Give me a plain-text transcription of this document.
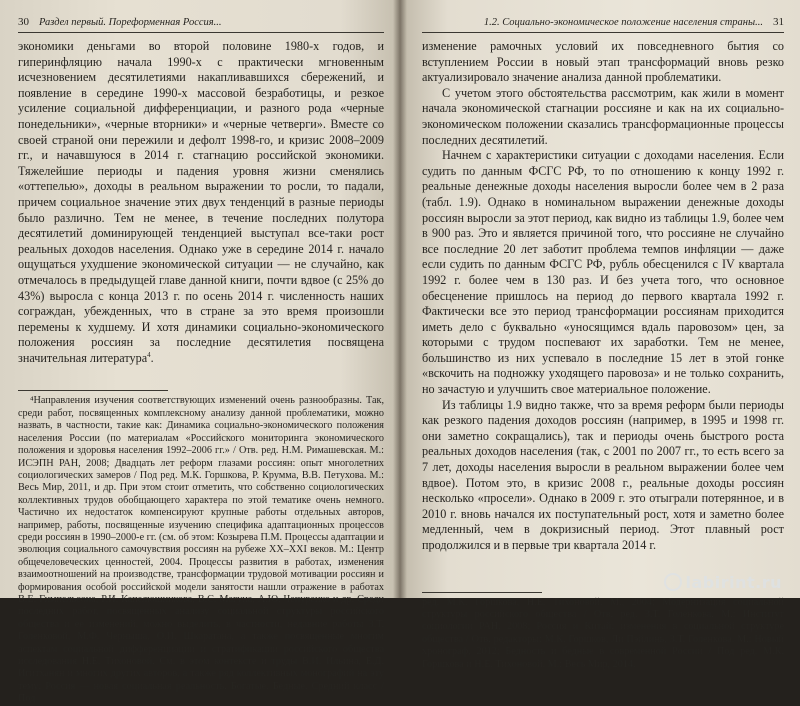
30 Раздел первый. Пореформенная Россия...

экономики деньгами во второй половине 1980-х годов, и гиперинфляцию начала 1990-х с практически мгновенным исчезновением десятилетиями накапливавшихся сбережений, и появление в середине 1990-х массовой безработицы, и резкое усиление социальной дифференциации, и разного рода «черные понедельники», «черные вторники» и «черные четверги». Вместе со своей страной они пережили и дефолт 1998-го, и кризис 2008–2009 гг., и начавшуюся в 2014 г. стагнацию российской экономики. Тяжелейшие периоды и падения уровня жизни сменялись «оттепелью», доходы в реальном выражении то росли, то падали, причем социальное значение этих двух тенденций в разные периоды было различно. Тем не менее, в течение последних полутора десятилетий доминирующей тенденцией выступал все-таки рост реальных доходов населения. Однако уже в середине 2014 г. начало ощущаться ухудшение экономической ситуации — не случайно, как отмечалось в предыдущей главе данной книги, почти вдвое (с 25% до 43%) выросла с конца 2013 г. по осень 2014 г. численность наших сограждан, убежденных, что в стране за это время произошли перемены к худшему. И хотя динамики социально-экономического положения россиян за последние десятилетия посвящена значительная литература$^4$.

⁴Направления изучения соответствующих изменений очень разнообразны. Так, среди работ, посвященных комплексному анализу данной проблематики, можно назвать, в частности, такие как: Динамика социально-экономического положения населения России (по материалам «Российского мониторинга экономического положения и здоровья населения 1992–2006 гг.» / Отв. ред. Н.М. Римашевская. М.: ИСЭПН РАН, 2008; Двадцать лет реформ глазами россиян: опыт многолетних социологических замеров / Под ред. М.К. Горшкова, Р. Крумма, В.В. Петухова. М.: Весь Мир, 2011, и др. При этом стоит отметить, что собственно социологических коллективных трудов обобщающего характера по этой тематике очень немного. Частично их недостаток компенсируют крупные работы отдельных авторов, например, работы, посвященные изучению специфика адаптационных процессов среди россиян в 1990–2000-е гг. (см. об этом: Козырева П.М. Процессы адаптации и эволюция социального самочувствия россиян на рубеже XX–XXI веков. М.: Центр общечеловеческих ценностей, 2004. Процессы развития в работах, изменения взаимоотношений на производстве, трансформации трудовой мотивации россиян и формирования особой российской модели занятости нашли отражение в работах В.Е. Гимпельсона, Р.И. Капелюшникова, В.С. Магуна, А.Ю. Чепуренко и др. Среди последних работ, посвященных анализу социальной структуры российского общества и ее изменений, можно выделить, в частности, недавние работы З.Т. Голенковой, М.Ф. Черныша, О.И. Шкаратана, а также посвященные многим аспектам социальной дифференциации и стратификации российского общества исследования Н.Е. Тихоновой. См. в этом контексте и труды В.И. Ильина, Е.Д. Игитханян и многих других авторов, а также ряд коллективных монографий на эту тему: Россия — новая социальная реальность. Богатые. Бедные. Средний класс / Под

1.2. Социально-экономическое положение населения страны... 31

изменение рамочных условий их повседневного бытия со вступлением России в новый этап трансформаций вновь резко актуализировало значение анализа данной проблематики.

С учетом этого обстоятельства рассмотрим, как жили в момент начала экономической стагнации россияне и как на их социально-экономическом положении сказались трансформационные процессы последних десятилетий.

Начнем с характеристики ситуации с доходами населения. Если судить по данным ФСГС РФ, то по отношению к концу 1992 г. реальные денежные доходы населения выросли более чем в 2 раза (табл. 1.9). Однако в номинальном выражении денежные доходы россиян выросли за этот период, как видно из таблицы 1.9, более чем в 900 раз. Это и является причиной того, что россияне не случайно все последние 20 лет заботит проблема темпов инфляции — даже если судить по данным ФСГС РФ, рубль обесценился с IV квартала 1992 г. более чем в 130 раз. И без учета того, что основное обесценение пришлось на период до первого квартала 1992 г. Фактически все это период трансформации россиянам приходится иметь дело с буквально «уносящимся вдаль паровозом» цен, за которыми с трудом поспевают их заработки. Тем не менее, большинство из них успевало в последние 15 лет в этой гонке «вскочить на подножку уходящего паровоза» и не только сохранить, но зачастую и улучшить свое материальное положение.

Из таблицы 1.9 видно также, что за время реформ были периоды как резкого падения доходов россиян (например, в 1995 и 1998 гг. они заметно сокращались), так и периоды очень быстрого роста реальных доходов населения (так, с 2001 по 2007 гг., то есть всего за 7 лет, доходы населения выросли в реальном выражении более чем вдвое). Потом это, в кризис 2008 г., реальные доходы россиян несколько «просели». Однако в 2009 г. это отыграли потерянное, и в 2010 г. вновь начался их поступательный рост, хотя и заметно более медленный, чем в докризисный период. Этот плавный рост продолжился и в первые три квартала 2014 г.

ред. М.К. Горшкова, Н.Е. Тихоновой. М., 2004; Модернизация социальной структуры российского общества / Отв. ред. З.Т. Голенкова. М.: Институт социологии РАН, 2008; Россия и Китай: изменения в социальной структуре общества / Отв. редакторы: М.К. Горшков, Ли Пэйлинь, З.Т. Голенкова. М.: Новый хронограф, 2012; Бедность и бедные в современной России / Под ред. М.К. Горшкова и Н.Е. Тихоновой. М.: Весь Мир, 2014.

labirint.ru
